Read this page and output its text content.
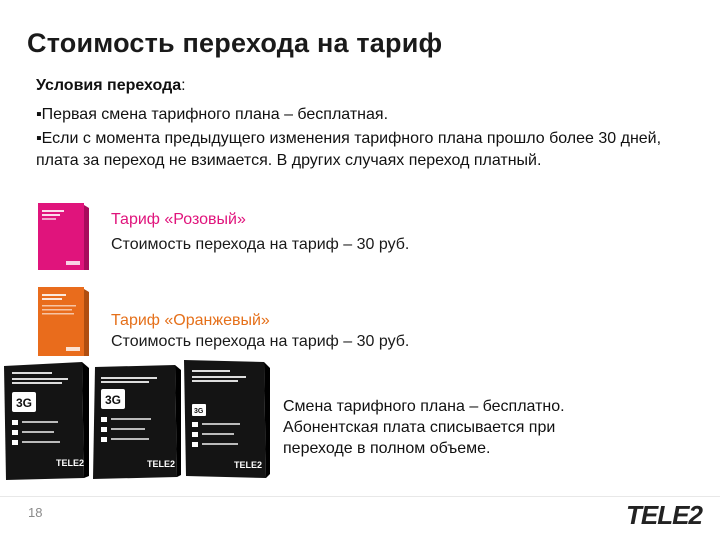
Стоимость перехода на тариф
Условия перехода:
▪Первая смена тарифного плана – бесплатная.
▪Если с момента предыдущего изменения тарифного плана прошло более 30 дней, плата за переход не взимается. В других случаях переход платный.
Тариф «Розовый»
Стоимость перехода на тариф – 30 руб.
Тариф «Оранжевый»
Стоимость перехода на тариф – 30 руб.
3G
TELE2
3G
TELE2
3G
TELE2
Смена тарифного плана – бесплатно. Абонентская плата списывается при переходе в полном объеме.
18	TELE2
